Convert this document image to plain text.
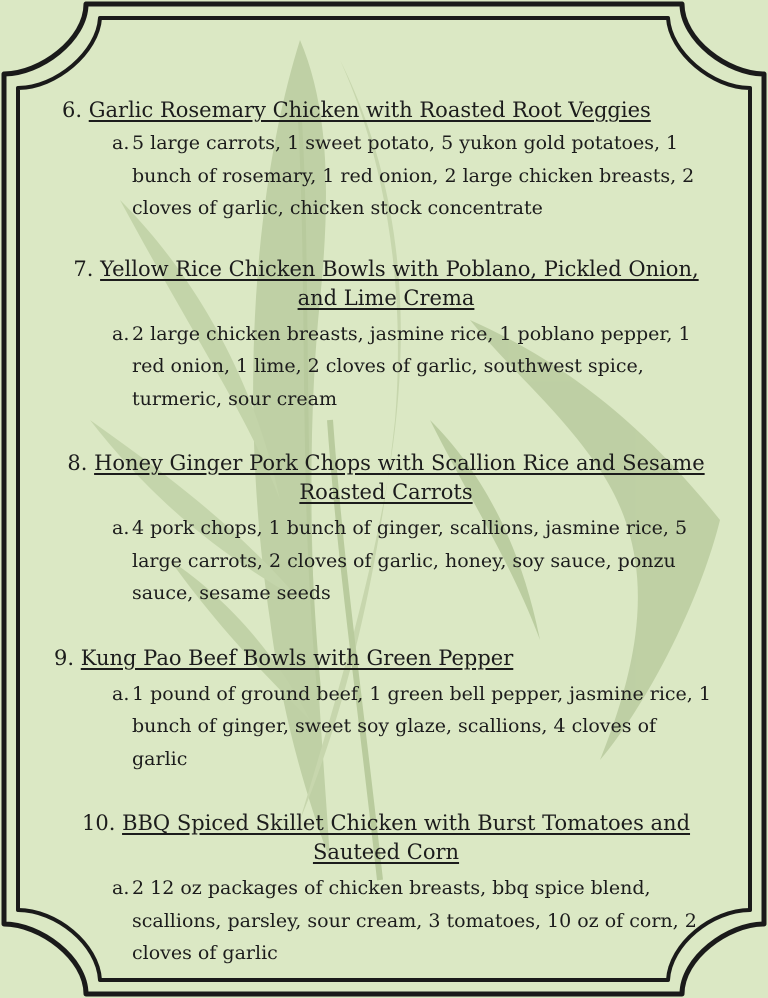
6. Garlic Rosemary Chicken with Roasted Root Veggies
a. 5 large carrots, 1 sweet potato, 5 yukon gold potatoes, 1 bunch of rosemary, 1 red onion, 2 large chicken breasts, 2 cloves of garlic, chicken stock concentrate
7. Yellow Rice Chicken Bowls with Poblano, Pickled Onion, and Lime Crema
a. 2 large chicken breasts, jasmine rice, 1 poblano pepper, 1 red onion, 1 lime, 2 cloves of garlic, southwest spice, turmeric, sour cream
8. Honey Ginger Pork Chops with Scallion Rice and Sesame Roasted Carrots
a. 4 pork chops, 1 bunch of ginger, scallions, jasmine rice, 5 large carrots, 2 cloves of garlic, honey, soy sauce, ponzu sauce, sesame seeds
9. Kung Pao Beef Bowls with Green Pepper
a. 1 pound of ground beef, 1 green bell pepper, jasmine rice, 1 bunch of ginger, sweet soy glaze, scallions, 4 cloves of garlic
10. BBQ Spiced Skillet Chicken with Burst Tomatoes and Sauteed Corn
a. 2 12 oz packages of chicken breasts, bbq spice blend, scallions, parsley, sour cream, 3 tomatoes, 10 oz of corn, 2 cloves of garlic
